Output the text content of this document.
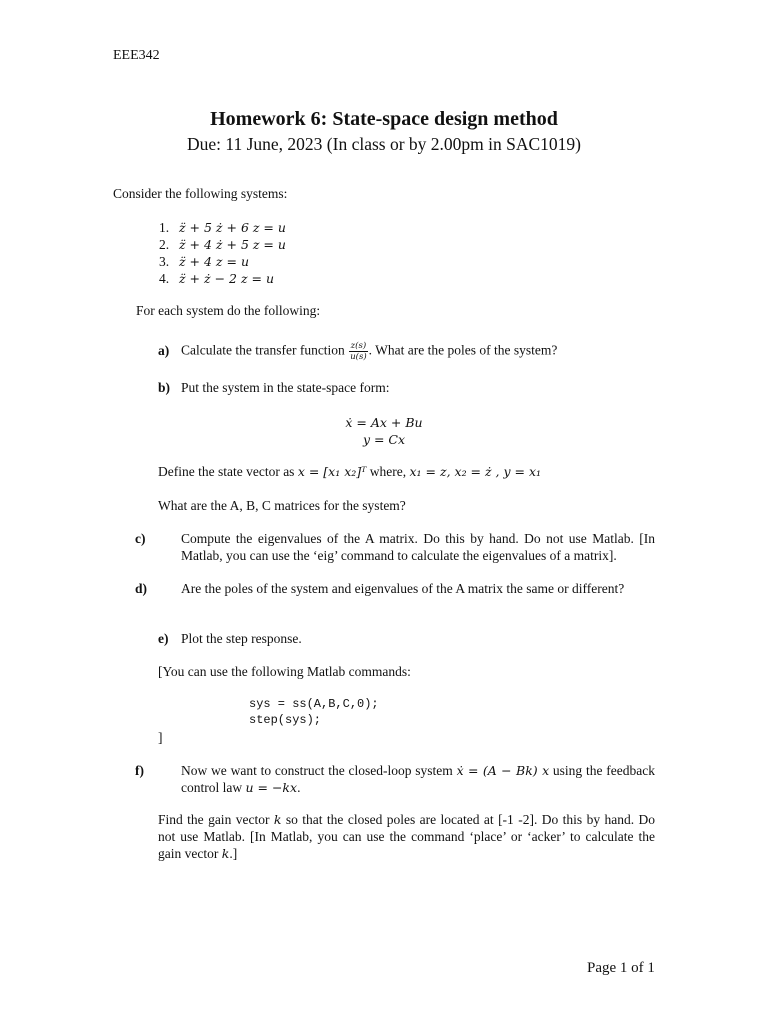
EEE342
Homework 6: State-space design method
Due: 11 June, 2023 (In class or by 2.00pm in SAC1019)
Consider the following systems:
1. z̈ + 5 ż + 6 z = u
2. z̈ + 4 ż + 5 z = u
3. z̈ + 4 z = u
4. z̈ + ż − 2 z = u
For each system do the following:
a) Calculate the transfer function $\frac{z(s)}{u(s)}$ . What are the poles of the system?
b) Put the system in the state-space form:
ẋ = Ax + Bu
y = Cx
Define the state vector as x = [x₁ x₂]ᵀ where, x₁ = z, x₂ = ż , y = x₁
What are the A, B, C matrices for the system?
c)	Compute the eigenvalues of the A matrix. Do this by hand. Do not use Matlab. [In Matlab, you can use the ‘eig’ command to calculate the eigenvalues of a matrix].
d)	Are the poles of the system and eigenvalues of the A matrix the same or different?
e) Plot the step response.
[You can use the following Matlab commands:
sys = ss(A,B,C,0);
step(sys);
]
f)	Now we want to construct the closed-loop system ẋ = (A − Bk) x using the feedback control law u = −kx.
Find the gain vector k so that the closed poles are located at [-1 -2]. Do this by hand. Do not use Matlab. [In Matlab, you can use the command ‘place’ or ‘acker’ to calculate the gain vector k.]
Page 1 of 1
